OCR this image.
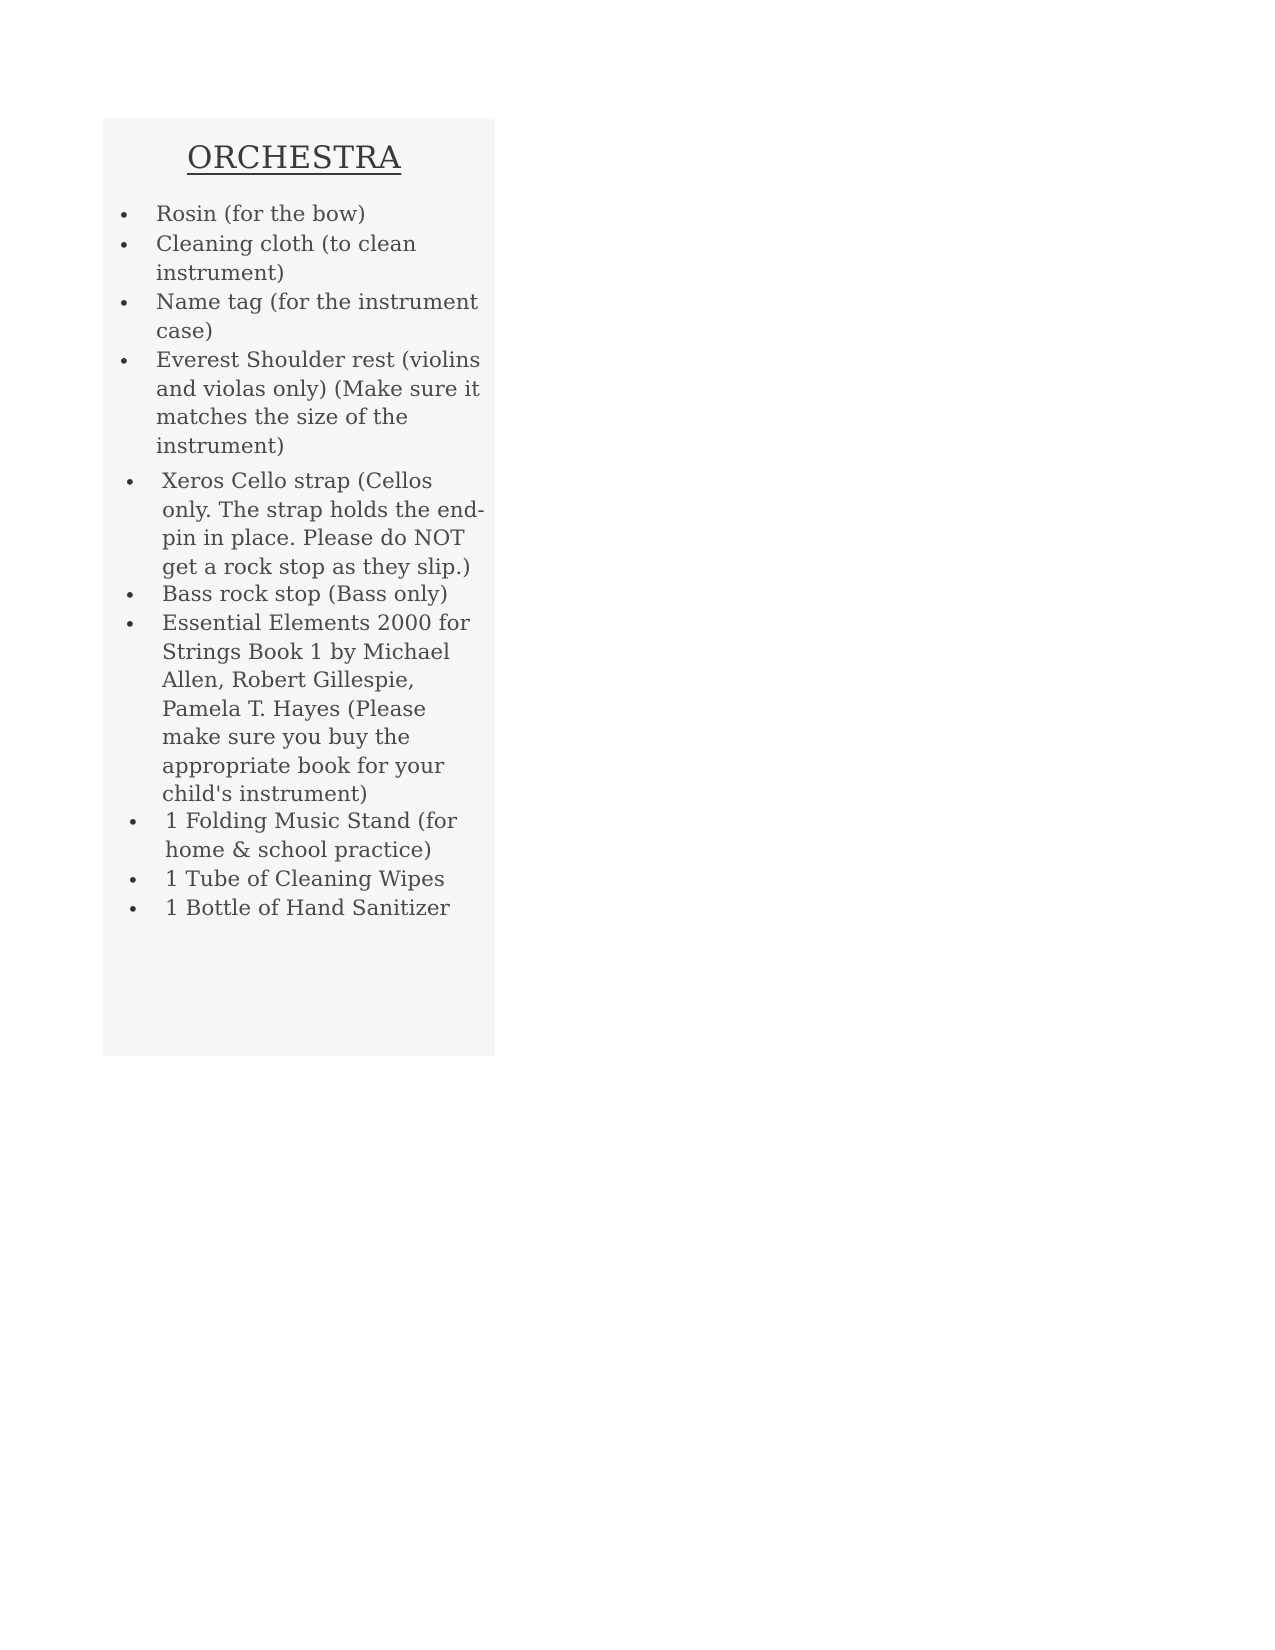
ORCHESTRA
•	Rosin (for the bow)
•	Cleaning cloth (to clean
instrument)
•	Name tag (for the instrument
case)
•	Everest Shoulder rest (violins
and violas only) (Make sure it
matches the size of the
instrument)
•	Xeros Cello strap (Cellos
only. The strap holds the end-
pin in place. Please do NOT
get a rock stop as they slip.)
•	Bass rock stop (Bass only)
•	Essential Elements 2000 for
Strings Book 1 by Michael
Allen, Robert Gillespie,
Pamela T. Hayes (Please
make sure you buy the
appropriate book for your
child's instrument)
•	1 Folding Music Stand (for
home & school practice)
•	1 Tube of Cleaning Wipes
•	1 Bottle of Hand Sanitizer
